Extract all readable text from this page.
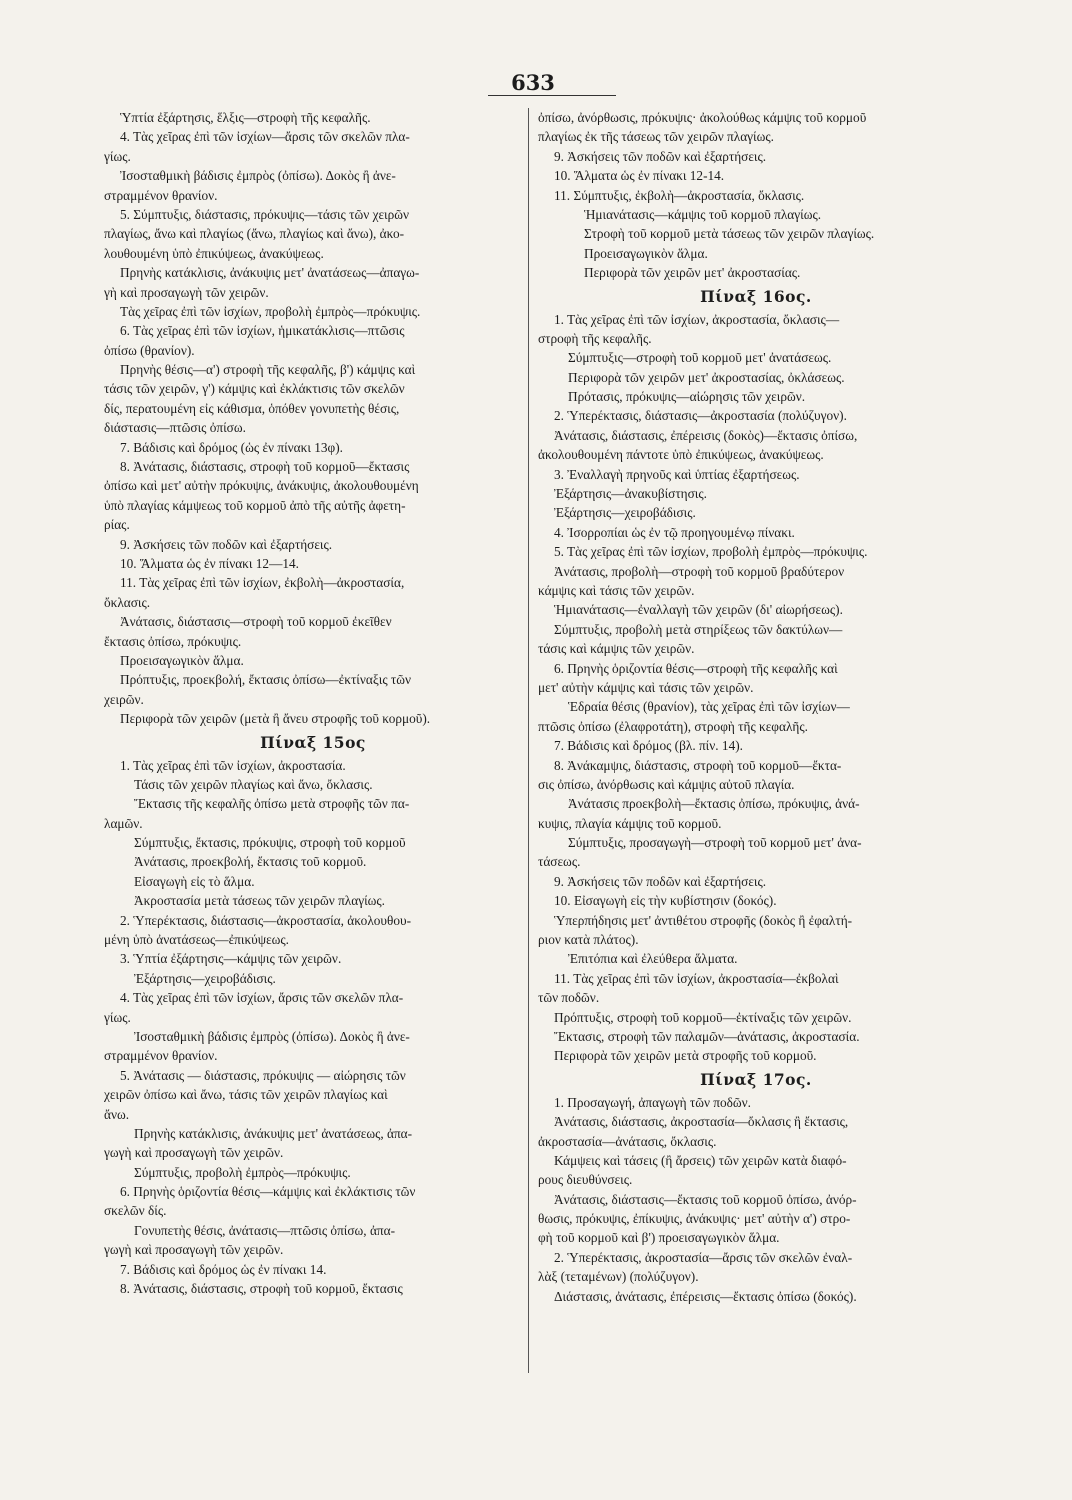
633
Ὑπτία ἐξάρτησις, ἕλξις—στροφὴ τῆς κεφαλῆς.
4. Τὰς χεῖρας ἐπὶ τῶν ἰσχίων—ἄρσις τῶν σκελῶν πλα-
γίως.
Ἰσοσταθμικὴ βάδισις ἐμπρὸς (ὀπίσω). Δοκὸς ἢ ἀνε-
στραμμένον θρανίον.
5. Σύμπτυξις, διάστασις, πρόκυψις—τάσις τῶν χειρῶν
πλαγίως, ἄνω καὶ πλαγίως (ἄνω, πλαγίως καὶ ἄνω), ἀκο-
λουθουμένη ὑπὸ ἐπικύψεως, ἀνακύψεως.
Πρηνὴς κατάκλισις, ἀνάκυψις μετ' ἀνατάσεως—ἀπαγω-
γὴ καὶ προσαγωγὴ τῶν χειρῶν.
Τὰς χεῖρας ἐπὶ τῶν ἰσχίων, προβολὴ ἐμπρὸς—πρόκυψις.
6. Τὰς χεῖρας ἐπὶ τῶν ἰσχίων, ἡμικατάκλισις—πτῶσις
ὀπίσω (θρανίον).
Πρηνὴς θέσις—α') στροφὴ τῆς κεφαλῆς, β') κάμψις καὶ
τάσις τῶν χειρῶν, γ') κάμψις καὶ ἐκλάκτισις τῶν σκελῶν
δίς, περατουμένη εἰς κάθισμα, ὁπόθεν γονυπετὴς θέσις,
διάστασις—πτῶσις ὀπίσω.
7. Βάδισις καὶ δρόμος (ὡς ἐν πίνακι 13φ).
8. Ἀνάτασις, διάστασις, στροφὴ τοῦ κορμοῦ—ἔκτασις
ὀπίσω καὶ μετ' αὐτὴν πρόκυψις, ἀνάκυψις, ἀκολουθουμένη
ὑπὸ πλαγίας κάμψεως τοῦ κορμοῦ ἀπὸ τῆς αὐτῆς ἀφετη-
ρίας.
9. Ἀσκήσεις τῶν ποδῶν καὶ ἐξαρτήσεις.
10. Ἅλματα ὡς ἐν πίνακι 12—14.
11. Τὰς χεῖρας ἐπὶ τῶν ἰσχίων, ἐκβολὴ—ἀκροστασία,
ὄκλασις.
Ἀνάτασις, διάστασις—στροφὴ τοῦ κορμοῦ ἐκεῖθεν
ἔκτασις ὀπίσω, πρόκυψις.
Προεισαγωγικὸν ἅλμα.
Πρόπτυξις, προεκβολή, ἔκτασις ὀπίσω—ἐκτίναξις τῶν
χειρῶν.
Περιφορὰ τῶν χειρῶν (μετὰ ἢ ἄνευ στροφῆς τοῦ κορμοῦ).
Πίναξ 15ος
1. Τὰς χεῖρας ἐπὶ τῶν ἰσχίων, ἀκροστασία.
Τάσις τῶν χειρῶν πλαγίως καὶ ἄνω, ὄκλασις.
Ἔκτασις τῆς κεφαλῆς ὀπίσω μετὰ στροφῆς τῶν πα-
λαμῶν.
Σύμπτυξις, ἔκτασις, πρόκυψις, στροφὴ τοῦ κορμοῦ
Ἀνάτασις, προεκβολή, ἔκτασις τοῦ κορμοῦ.
Εἰσαγωγὴ εἰς τὸ ἅλμα.
Ἀκροστασία μετὰ τάσεως τῶν χειρῶν πλαγίως.
2. Ὑπερέκτασις, διάστασις—ἀκροστασία, ἀκολουθου-
μένη ὑπὸ ἀνατάσεως—ἐπικύψεως.
3. Ὑπτία ἐξάρτησις—κάμψις τῶν χειρῶν.
Ἐξάρτησις—χειροβάδισις.
4. Τὰς χεῖρας ἐπὶ τῶν ἰσχίων, ἄρσις τῶν σκελῶν πλα-
γίως.
Ἰσοσταθμικὴ βάδισις ἐμπρὸς (ὀπίσω). Δοκὸς ἢ ἀνε-
στραμμένον θρανίον.
5. Ἀνάτασις — διάστασις, πρόκυψις — αἰώρησις τῶν
χειρῶν ὀπίσω καὶ ἄνω, τάσις τῶν χειρῶν πλαγίως καὶ
ἄνω.
Πρηνὴς κατάκλισις, ἀνάκυψις μετ' ἀνατάσεως, ἀπα-
γωγὴ καὶ προσαγωγὴ τῶν χειρῶν.
Σύμπτυξις, προβολὴ ἐμπρὸς—πρόκυψις.
6. Πρηνὴς ὁριζοντία θέσις—κάμψις καὶ ἐκλάκτισις τῶν
σκελῶν δίς.
Γονυπετὴς θέσις, ἀνάτασις—πτῶσις ὀπίσω, ἀπα-
γωγὴ καὶ προσαγωγὴ τῶν χειρῶν.
7. Βάδισις καὶ δρόμος ὡς ἐν πίνακι 14.
8. Ἀνάτασις, διάστασις, στροφὴ τοῦ κορμοῦ, ἔκτασις
ὀπίσω, ἀνόρθωσις, πρόκυψις· ἀκολούθως κάμψις τοῦ κορμοῦ
πλαγίως ἐκ τῆς τάσεως τῶν χειρῶν πλαγίως.
9. Ἀσκήσεις τῶν ποδῶν καὶ ἐξαρτήσεις.
10. Ἅλματα ὡς ἐν πίνακι 12-14.
11. Σύμπτυξις, ἐκβολὴ—ἀκροστασία, ὄκλασις.
Ἡμιανάτασις—κάμψις τοῦ κορμοῦ πλαγίως.
Στροφὴ τοῦ κορμοῦ μετὰ τάσεως τῶν χειρῶν πλαγίως.
Προεισαγωγικὸν ἅλμα.
Περιφορὰ τῶν χειρῶν μετ' ἀκροστασίας.
Πίναξ 16ος.
1. Τὰς χεῖρας ἐπὶ τῶν ἰσχίων, ἀκροστασία, ὄκλασις—
στροφὴ τῆς κεφαλῆς.
Σύμπτυξις—στροφὴ τοῦ κορμοῦ μετ' ἀνατάσεως.
Περιφορὰ τῶν χειρῶν μετ' ἀκροστασίας, ὀκλάσεως.
Πρότασις, πρόκυψις—αἰώρησις τῶν χειρῶν.
2. Ὑπερέκτασις, διάστασις—ἀκροστασία (πολύζυγον).
Ἀνάτασις, διάστασις, ἐπέρεισις (δοκὸς)—ἔκτασις ὀπίσω,
ἀκολουθουμένη πάντοτε ὑπὸ ἐπικύψεως, ἀνακύψεως.
3. Ἐναλλαγὴ πρηνοῦς καὶ ὑπτίας ἐξαρτήσεως.
Ἐξάρτησις—ἀνακυβίστησις.
Ἐξάρτησις—χειροβάδισις.
4. Ἰσορροπίαι ὡς ἐν τῷ προηγουμένῳ πίνακι.
5. Τὰς χεῖρας ἐπὶ τῶν ἰσχίων, προβολὴ ἐμπρὸς—πρόκυψις.
Ἀνάτασις, προβολὴ—στροφὴ τοῦ κορμοῦ βραδύτερον
κάμψις καὶ τάσις τῶν χειρῶν.
Ἡμιανάτασις—ἐναλλαγὴ τῶν χειρῶν (δι' αἰωρήσεως).
Σύμπτυξις, προβολὴ μετὰ στηρίξεως τῶν δακτύλων—
τάσις καὶ κάμψις τῶν χειρῶν.
6. Πρηνὴς ὁριζοντία θέσις—στροφὴ τῆς κεφαλῆς καὶ
μετ' αὐτὴν κάμψις καὶ τάσις τῶν χειρῶν.
Ἑδραία θέσις (θρανίον), τὰς χεῖρας ἐπὶ τῶν ἰσχίων—
πτῶσις ὀπίσω (ἐλαφροτάτη), στροφὴ τῆς κεφαλῆς.
7. Βάδισις καὶ δρόμος (βλ. πίν. 14).
8. Ἀνάκαμψις, διάστασις, στροφὴ τοῦ κορμοῦ—ἔκτα-
σις ὀπίσω, ἀνόρθωσις καὶ κάμψις αὐτοῦ πλαγία.
Ἀνάτασις προεκβολὴ—ἔκτασις ὀπίσω, πρόκυψις, ἀνά-
κυψις, πλαγία κάμψις τοῦ κορμοῦ.
Σύμπτυξις, προσαγωγὴ—στροφὴ τοῦ κορμοῦ μετ' ἀνα-
τάσεως.
9. Ἀσκήσεις τῶν ποδῶν καὶ ἐξαρτήσεις.
10. Εἰσαγωγὴ εἰς τὴν κυβίστησιν (δοκός).
Ὑπερπήδησις μετ' ἀντιθέτου στροφῆς (δοκὸς ἢ ἐφαλτή-
ριον κατὰ πλάτος).
Ἐπιτόπια καὶ ἐλεύθερα ἅλματα.
11. Τὰς χεῖρας ἐπὶ τῶν ἰσχίων, ἀκροστασία—ἐκβολαὶ
τῶν ποδῶν.
Πρόπτυξις, στροφὴ τοῦ κορμοῦ—ἐκτίναξις τῶν χειρῶν.
Ἔκτασις, στροφὴ τῶν παλαμῶν—ἀνάτασις, ἀκροστασία.
Περιφορὰ τῶν χειρῶν μετὰ στροφῆς τοῦ κορμοῦ.
Πίναξ 17ος.
1. Προσαγωγή, ἀπαγωγὴ τῶν ποδῶν.
Ἀνάτασις, διάστασις, ἀκροστασία—ὄκλασις ἢ ἔκτασις,
ἀκροστασία—ἀνάτασις, ὄκλασις.
Κάμψεις καὶ τάσεις (ἢ ἄρσεις) τῶν χειρῶν κατὰ διαφό-
ρους διευθύνσεις.
Ἀνάτασις, διάστασις—ἔκτασις τοῦ κορμοῦ ὀπίσω, ἀνόρ-
θωσις, πρόκυψις, ἐπίκυψις, ἀνάκυψις· μετ' αὐτὴν α') στρο-
φὴ τοῦ κορμοῦ καὶ β') προεισαγωγικὸν ἅλμα.
2. Ὑπερέκτασις, ἀκροστασία—ἄρσις τῶν σκελῶν ἐναλ-
λὰξ (τεταμένων) (πολύζυγον).
Διάστασις, ἀνάτασις, ἐπέρεισις—ἔκτασις ὀπίσω (δοκός).
